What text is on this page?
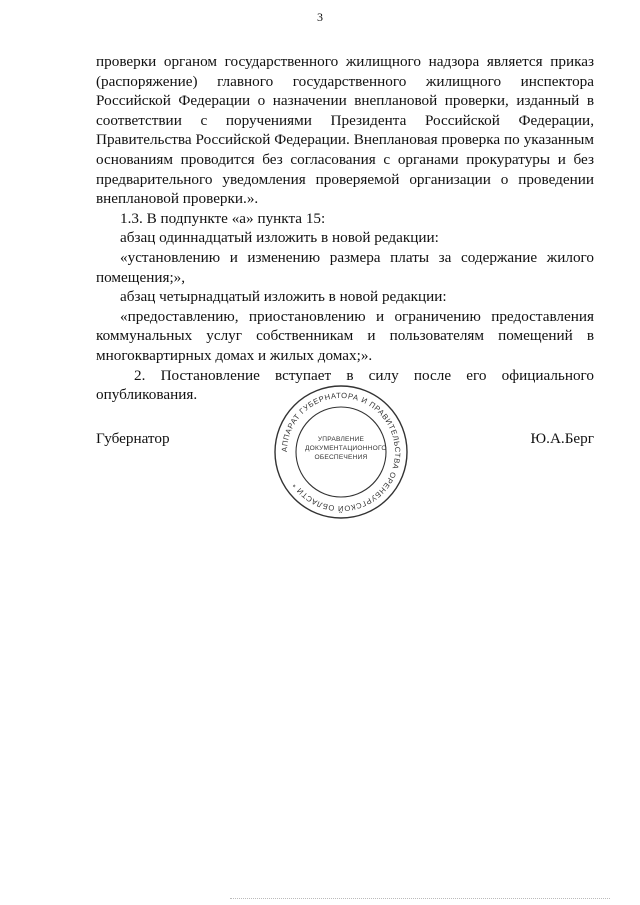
3

проверки органом государственного жилищного надзора является приказ (распоряжение) главного государственного жилищного инспектора Российской Федерации о назначении внеплановой проверки, изданный в соответствии с поручениями Президента Российской Федерации, Правительства Российской Федерации. Внеплановая проверка по указанным основаниям проводится без согласования с органами прокуратуры и без предварительного уведомления проверяемой организации о проведении внеплановой проверки.».

1.3. В подпункте «а» пункта 15:

абзац одиннадцатый изложить в новой редакции:

«установлению и изменению размера платы за содержание жилого помещения;»,

абзац четырнадцатый изложить в новой редакции:

«предоставлению, приостановлению и ограничению предоставления коммунальных услуг собственникам и пользователям помещений в многоквартирных домах и жилых домах;».

2. Постановление вступает в силу после его официального опубликования.

Губернатор	Ю.А.Берг
АППАРАТ ГУБЕРНАТОРА И ПРАВИТЕЛЬСТВА ОРЕНБУРГСКОЙ ОБЛАСТИ *
УПРАВЛЕНИЕ
ДОКУМЕНТАЦИОННОГО
ОБЕСПЕЧЕНИЯ
